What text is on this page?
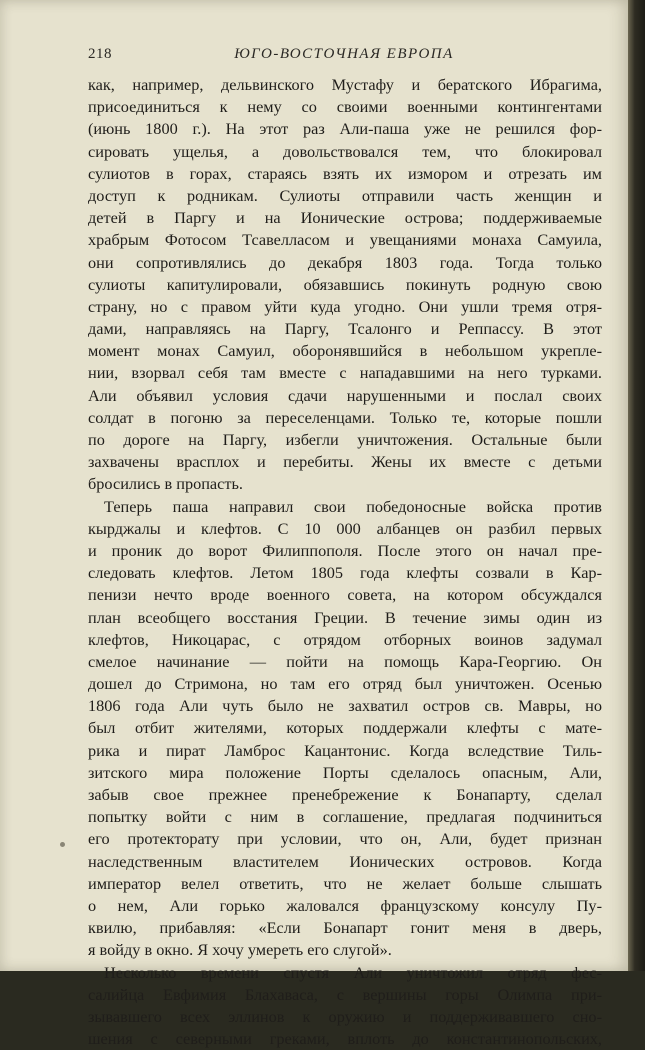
218	ЮГО-ВОСТОЧНАЯ ЕВРОПА
как, например, дельвинского Мустафу и бератского Ибрагима,
присоединиться к нему со своими военными контингентами
(июнь 1800 г.). На этот раз Али-паша уже не решился фор-
сировать ущелья, а довольствовался тем, что блокировал
сулиотов в горах, стараясь взять их измором и отрезать им
доступ к родникам. Сулиоты отправили часть женщин и
детей в Паргу и на Ионические острова; поддерживаемые
храбрым Фотосом Тсавелласом и увещаниями монаха Самуила,
они сопротивлялись до декабря 1803 года. Тогда только
сулиоты капитулировали, обязавшись покинуть родную свою
страну, но с правом уйти куда угодно. Они ушли тремя отря-
дами, направляясь на Паргу, Тсалонго и Реппассу. В этот
момент монах Самуил, оборонявшийся в небольшом укрепле-
нии, взорвал себя там вместе с нападавшими на него турками.
Али объявил условия сдачи нарушенными и послал своих
солдат в погоню за переселенцами. Только те, которые пошли
по дороге на Паргу, избегли уничтожения. Остальные были
захвачены врасплох и перебиты. Жены их вместе с детьми
бросились в пропасть.
Теперь паша направил свои победоносные войска против
кырджалы и клефтов. С 10 000 албанцев он разбил первых
и проник до ворот Филиппополя. После этого он начал пре-
следовать клефтов. Летом 1805 года клефты созвали в Кар-
пенизи нечто вроде военного совета, на котором обсуждался
план всеобщего восстания Греции. В течение зимы один из
клефтов, Никоцарас, с отрядом отборных воинов задумал
смелое начинание — пойти на помощь Кара-Георгию. Он
дошел до Стримона, но там его отряд был уничтожен. Осенью
1806 года Али чуть было не захватил остров св. Мавры, но
был отбит жителями, которых поддержали клефты с мате-
рика и пират Ламброс Кацантонис. Когда вследствие Тиль-
зитского мира положение Порты сделалось опасным, Али,
забыв свое прежнее пренебрежение к Бонапарту, сделал
попытку войти с ним в соглашение, предлагая подчиниться
его протекторату при условии, что он, Али, будет признан
наследственным властителем Ионических островов. Когда
император велел ответить, что не желает больше слышать
о нем, Али горько жаловался французскому консулу Пу-
квилю, прибавляя: «Если Бонапарт гонит меня в дверь,
я войду в окно. Я хочу умереть его слугой».
Несколько времени спустя Али уничтожил отряд фес-
салийца Евфимия Блахаваса, с вершины горы Олимпа при-
зывавшего всех эллинов к оружию и поддерживавшего сно-
шения с северными греками, вплоть до константинопольских,
